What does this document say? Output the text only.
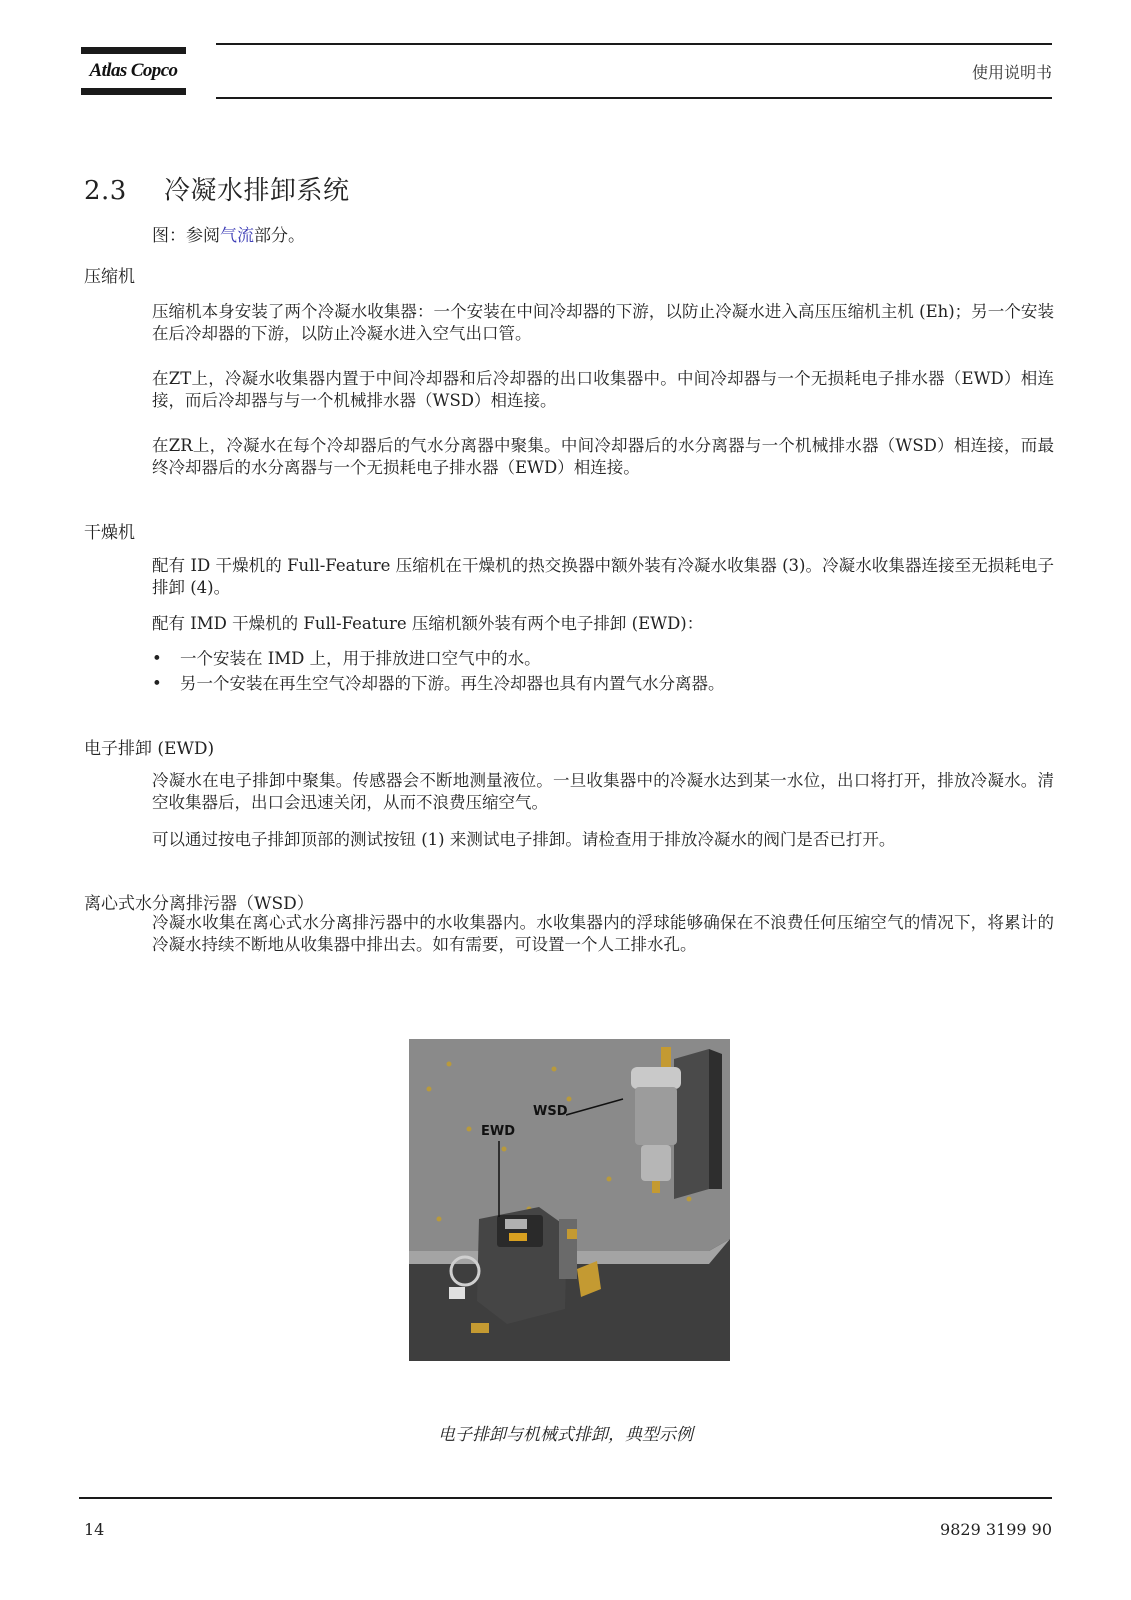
Atlas Copco	使用说明书
2.3 冷凝水排卸系统
图：参阅气流部分。
压缩机

压缩机本身安装了两个冷凝水收集器：一个安装在中间冷却器的下游，以防止冷凝水进入高压压缩机主机 (Eh)；另一个安装在后冷却器的下游，以防止冷凝水进入空气出口管。

在ZT上，冷凝水收集器内置于中间冷却器和后冷却器的出口收集器中。中间冷却器与一个无损耗电子排水器（EWD）相连接，而后冷却器与与一个机械排水器（WSD）相连接。

在ZR上，冷凝水在每个冷却器后的气水分离器中聚集。中间冷却器后的水分离器与一个机械排水器（WSD）相连接，而最终冷却器后的水分离器与一个无损耗电子排水器（EWD）相连接。

干燥机

配有 ID 干燥机的 Full-Feature 压缩机在干燥机的热交换器中额外装有冷凝水收集器 (3)。冷凝水收集器连接至无损耗电子排卸 (4)。

配有 IMD 干燥机的 Full-Feature 压缩机额外装有两个电子排卸 (EWD)：

• 一个安装在 IMD 上，用于排放进口空气中的水。
• 另一个安装在再生空气冷却器的下游。再生冷却器也具有内置气水分离器。
电子排卸 (EWD)

冷凝水在电子排卸中聚集。传感器会不断地测量液位。一旦收集器中的冷凝水达到某一水位，出口将打开，排放冷凝水。清空收集器后，出口会迅速关闭，从而不浪费压缩空气。

可以通过按电子排卸顶部的测试按钮 (1) 来测试电子排卸。请检查用于排放冷凝水的阀门是否已打开。

离心式水分离排污器（WSD）

冷凝水收集在离心式水分离排污器中的水收集器内。水收集器内的浮球能够确保在不浪费任何压缩空气的情况下，将累计的冷凝水持续不断地从收集器中排出去。如有需要，可设置一个人工排水孔。

WSD
EWD
电子排卸与机械式排卸，典型示例
14	9829 3199 90
